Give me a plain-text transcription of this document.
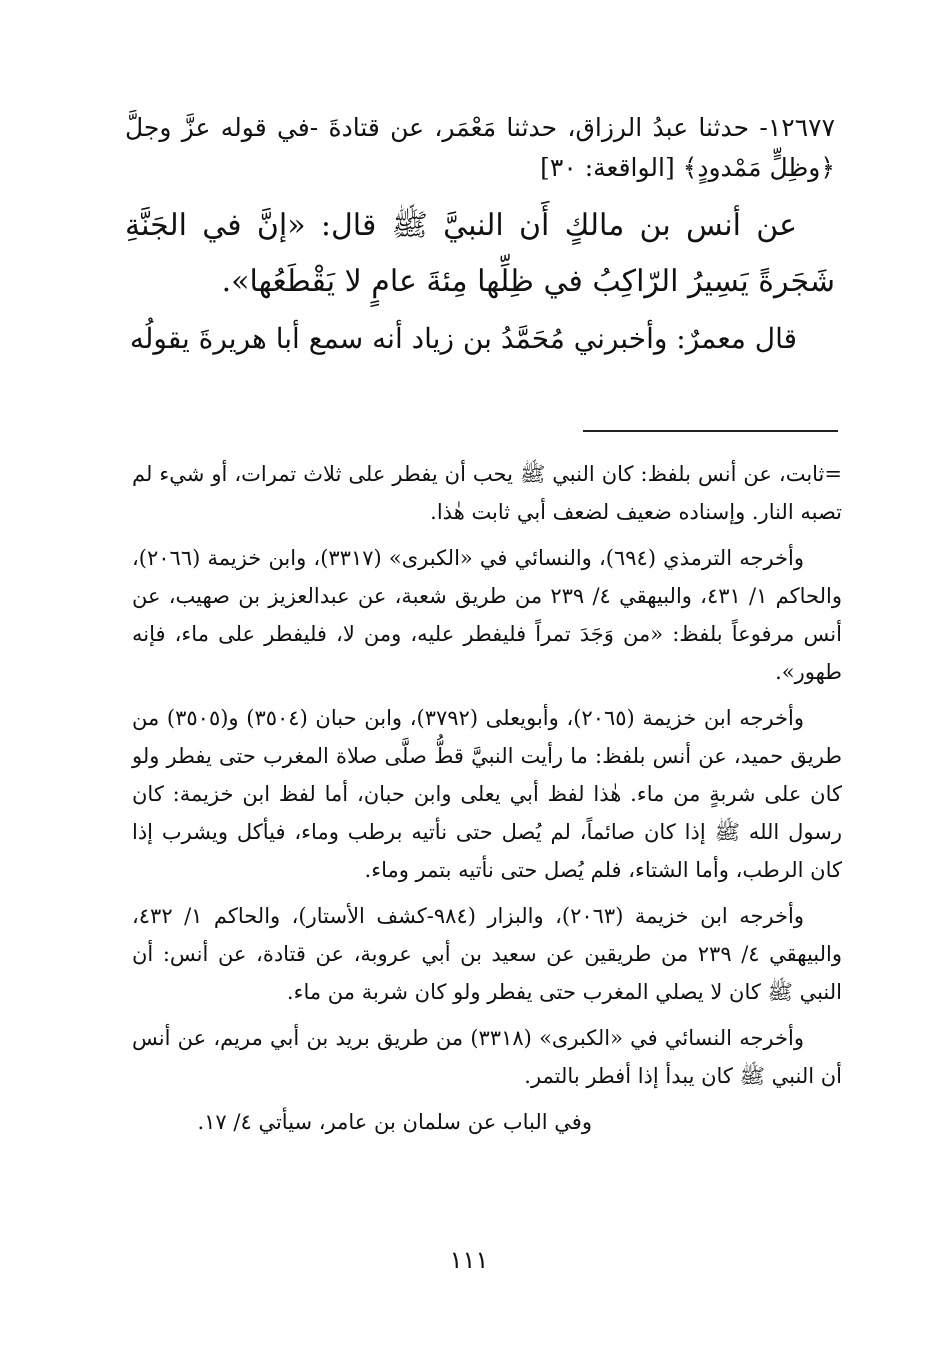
١٢٦٧٧- حدثنا عبدُ الرزاق، حدثنا مَعْمَر، عن قتادةَ -في قوله عزَّ وجلَّ ﴿وظِلٍّ مَمْدودٍ﴾ [الواقعة: ٣٠]

عن أنس بن مالكٍ أَن النبيَّ ﷺ قال: «إنَّ في الجَنَّةِ شَجَرةً يَسِيرُ الرّاكِبُ في ظِلِّها مِئةَ عامٍ لا يَقْطَعُها».

قال معمرٌ: وأخبرني مُحَمَّدُ بن زياد أنه سمع أبا هريرةَ يقولُه

=ثابت، عن أنس بلفظ: كان النبي ﷺ يحب أن يفطر على ثلاث تمرات، أو شيء لم تصبه النار. وإسناده ضعيف لضعف أبي ثابت هٰذا.

وأخرجه الترمذي (٦٩٤)، والنسائي في «الكبرى» (٣٣١٧)، وابن خزيمة (٢٠٦٦)، والحاكم ١/ ٤٣١، والبيهقي ٤/ ٢٣٩ من طريق شعبة، عن عبدالعزيز بن صهيب، عن أنس مرفوعاً بلفظ: «من وَجَدَ تمراً فليفطر عليه، ومن لا، فليفطر على ماء، فإنه طهور».

وأخرجه ابن خزيمة (٢٠٦٥)، وأبويعلى (٣٧٩٢)، وابن حبان (٣٥٠٤) و(٣٥٠٥) من طريق حميد، عن أنس بلفظ: ما رأيت النبيَّ قطُّ صلَّى صلاة المغرب حتى يفطر ولو كان على شربةٍ من ماء. هٰذا لفظ أبي يعلى وابن حبان، أما لفظ ابن خزيمة: كان رسول الله ﷺ إذا كان صائماً، لم يُصل حتى نأتيه برطب وماء، فيأكل ويشرب إذا كان الرطب، وأما الشتاء، فلم يُصل حتى نأتيه بتمر وماء.

وأخرجه ابن خزيمة (٢٠٦٣)، والبزار (٩٨٤-كشف الأستار)، والحاكم ١/ ٤٣٢، والبيهقي ٤/ ٢٣٩ من طريقين عن سعيد بن أبي عروبة، عن قتادة، عن أنس: أن النبي ﷺ كان لا يصلي المغرب حتى يفطر ولو كان شربة من ماء.

وأخرجه النسائي في «الكبرى» (٣٣١٨) من طريق بريد بن أبي مريم، عن أنس أن النبي ﷺ كان يبدأ إذا أفطر بالتمر.

وفي الباب عن سلمان بن عامر، سيأتي ٤/ ١٧.

١١١
